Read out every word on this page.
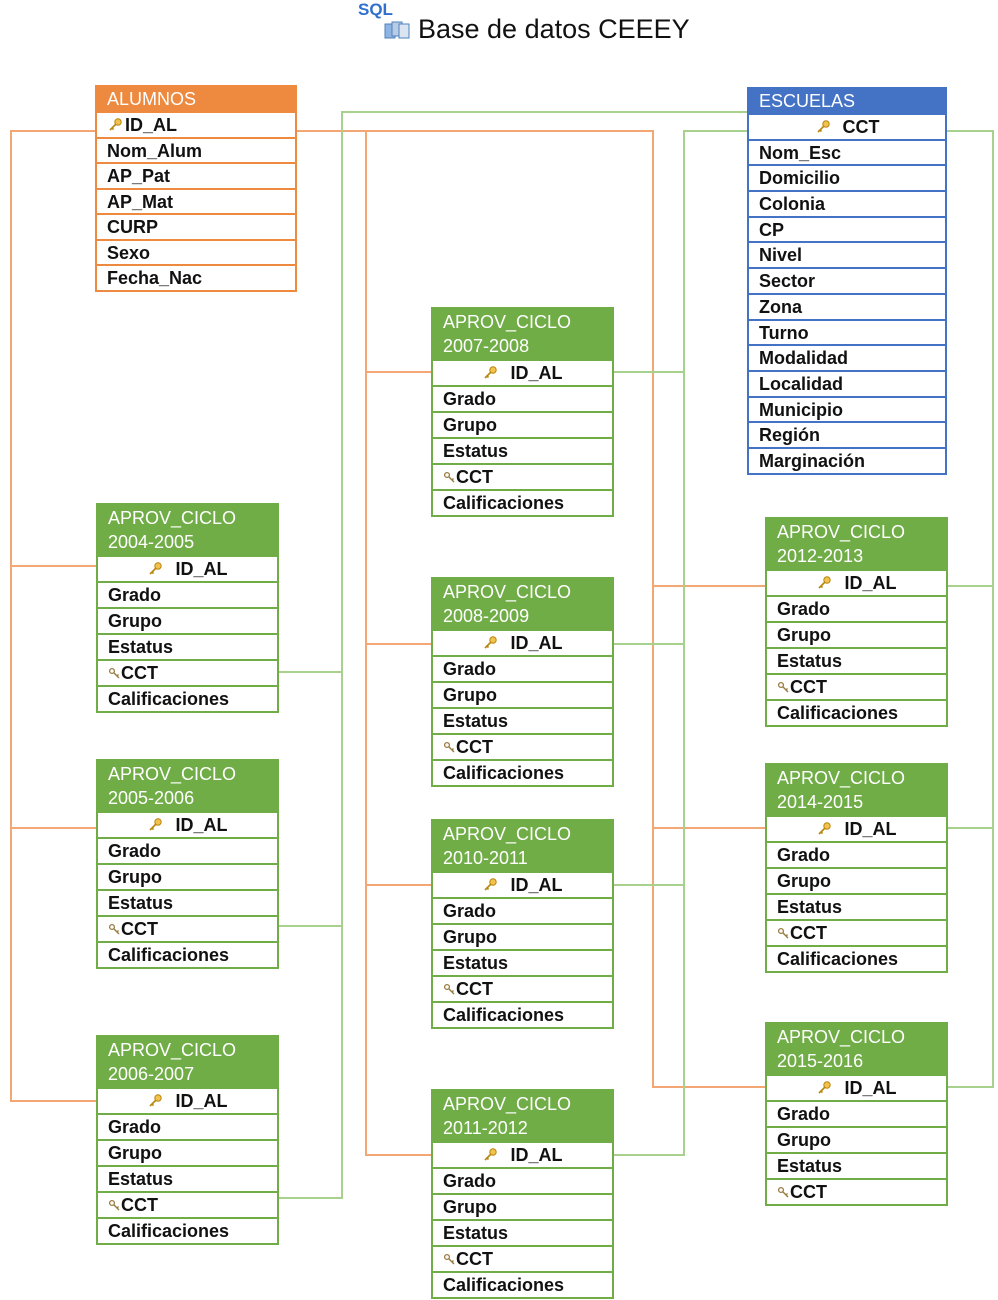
SQL
Base de datos CEEEY
ALUMNOS
ID_AL
Nom_Alum
AP_Pat
AP_Mat
CURP
Sexo
Fecha_Nac
ESCUELAS
CCT
Nom_Esc
Domicilio
Colonia
CP
Nivel
Sector
Zona
Turno
Modalidad
Localidad
Municipio
Región
Marginación
APROV_CICLO
2004-2005
ID_AL
Grado
Grupo
Estatus
CCT
Calificaciones
APROV_CICLO
2005-2006
ID_AL
Grado
Grupo
Estatus
CCT
Calificaciones
APROV_CICLO
2006-2007
ID_AL
Grado
Grupo
Estatus
CCT
Calificaciones
APROV_CICLO
2007-2008
ID_AL
Grado
Grupo
Estatus
CCT
Calificaciones
APROV_CICLO
2008-2009
ID_AL
Grado
Grupo
Estatus
CCT
Calificaciones
APROV_CICLO
2010-2011
ID_AL
Grado
Grupo
Estatus
CCT
Calificaciones
APROV_CICLO
2011-2012
ID_AL
Grado
Grupo
Estatus
CCT
Calificaciones
APROV_CICLO
2012-2013
ID_AL
Grado
Grupo
Estatus
CCT
Calificaciones
APROV_CICLO
2014-2015
ID_AL
Grado
Grupo
Estatus
CCT
Calificaciones
APROV_CICLO
2015-2016
ID_AL
Grado
Grupo
Estatus
CCT
